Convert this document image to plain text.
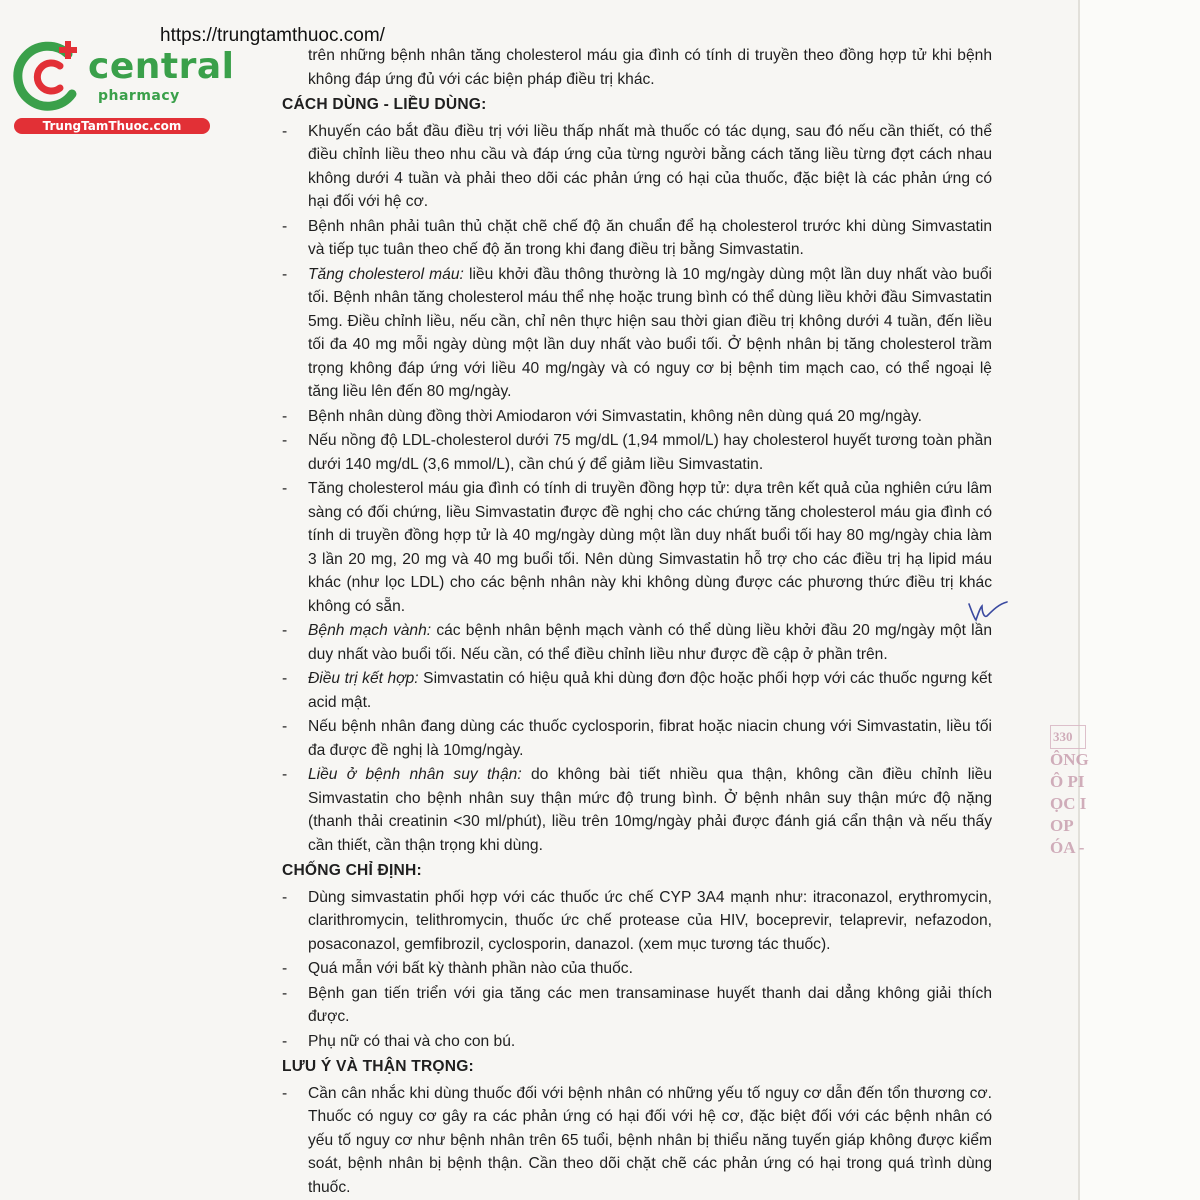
330
ÔNG
Ô PI
ỌC I
OP
ÓA -
https://trungtamthuoc.com/
central
pharmacy
TrungTamThuoc.com

trên những bệnh nhân tăng cholesterol máu gia đình có tính di truyền theo đồng hợp tử khi bệnh không đáp ứng đủ với các biện pháp điều trị khác.

CÁCH DÙNG - LIỀU DÙNG:
- Khuyến cáo bắt đầu điều trị với liều thấp nhất mà thuốc có tác dụng, sau đó nếu cần thiết, có thể điều chỉnh liều theo nhu cầu và đáp ứng của từng người bằng cách tăng liều từng đợt cách nhau không dưới 4 tuần và phải theo dõi các phản ứng có hại của thuốc, đặc biệt là các phản ứng có hại đối với hệ cơ.
- Bệnh nhân phải tuân thủ chặt chẽ chế độ ăn chuẩn để hạ cholesterol trước khi dùng Simvastatin và tiếp tục tuân theo chế độ ăn trong khi đang điều trị bằng Simvastatin.
- Tăng cholesterol máu: liều khởi đầu thông thường là 10 mg/ngày dùng một lần duy nhất vào buổi tối. Bệnh nhân tăng cholesterol máu thể nhẹ hoặc trung bình có thể dùng liều khởi đầu Simvastatin 5mg. Điều chỉnh liều, nếu cần, chỉ nên thực hiện sau thời gian điều trị không dưới 4 tuần, đến liều tối đa 40 mg mỗi ngày dùng một lần duy nhất vào buổi tối. Ở bệnh nhân bị tăng cholesterol trầm trọng không đáp ứng với liều 40 mg/ngày và có nguy cơ bị bệnh tim mạch cao, có thể ngoại lệ tăng liều lên đến 80 mg/ngày.
- Bệnh nhân dùng đồng thời Amiodaron với Simvastatin, không nên dùng quá 20 mg/ngày.
- Nếu nồng độ LDL-cholesterol dưới 75 mg/dL (1,94 mmol/L) hay cholesterol huyết tương toàn phần dưới 140 mg/dL (3,6 mmol/L), cần chú ý để giảm liều Simvastatin.
- Tăng cholesterol máu gia đình có tính di truyền đồng hợp tử: dựa trên kết quả của nghiên cứu lâm sàng có đối chứng, liều Simvastatin được đề nghị cho các chứng tăng cholesterol máu gia đình có tính di truyền đồng hợp tử là 40 mg/ngày dùng một lần duy nhất buổi tối hay 80 mg/ngày chia làm 3 lần 20 mg, 20 mg và 40 mg buổi tối. Nên dùng Simvastatin hỗ trợ cho các điều trị hạ lipid máu khác (như lọc LDL) cho các bệnh nhân này khi không dùng được các phương thức điều trị khác không có sẵn.
- Bệnh mạch vành: các bệnh nhân bệnh mạch vành có thể dùng liều khởi đầu 20 mg/ngày một lần duy nhất vào buổi tối. Nếu cần, có thể điều chỉnh liều như được đề cập ở phần trên.
- Điều trị kết hợp: Simvastatin có hiệu quả khi dùng đơn độc hoặc phối hợp với các thuốc ngưng kết acid mật.
- Nếu bệnh nhân đang dùng các thuốc cyclosporin, fibrat hoặc niacin chung với Simvastatin, liều tối đa được đề nghị là 10mg/ngày.
- Liều ở bệnh nhân suy thận: do không bài tiết nhiều qua thận, không cần điều chỉnh liều Simvastatin cho bệnh nhân suy thận mức độ trung bình. Ở bệnh nhân suy thận mức độ nặng (thanh thải creatinin <30 ml/phút), liều trên 10mg/ngày phải được đánh giá cẩn thận và nếu thấy cần thiết, cần thận trọng khi dùng.
CHỐNG CHỈ ĐỊNH:
- Dùng simvastatin phối hợp với các thuốc ức chế CYP 3A4 mạnh như: itraconazol, erythromycin, clarithromycin, telithromycin, thuốc ức chế protease của HIV, boceprevir, telaprevir, nefazodon, posaconazol, gemfibrozil, cyclosporin, danazol. (xem mục tương tác thuốc).
- Quá mẫn với bất kỳ thành phần nào của thuốc.
- Bệnh gan tiến triển với gia tăng các men transaminase huyết thanh dai dẳng không giải thích được.
- Phụ nữ có thai và cho con bú.
LƯU Ý VÀ THẬN TRỌNG:
- Cần cân nhắc khi dùng thuốc đối với bệnh nhân có những yếu tố nguy cơ dẫn đến tổn thương cơ. Thuốc có nguy cơ gây ra các phản ứng có hại đối với hệ cơ, đặc biệt đối với các bệnh nhân có yếu tố nguy cơ như bệnh nhân trên 65 tuổi, bệnh nhân bị thiểu năng tuyến giáp không được kiểm soát, bệnh nhân bị bệnh thận. Cần theo dõi chặt chẽ các phản ứng có hại trong quá trình dùng thuốc.
